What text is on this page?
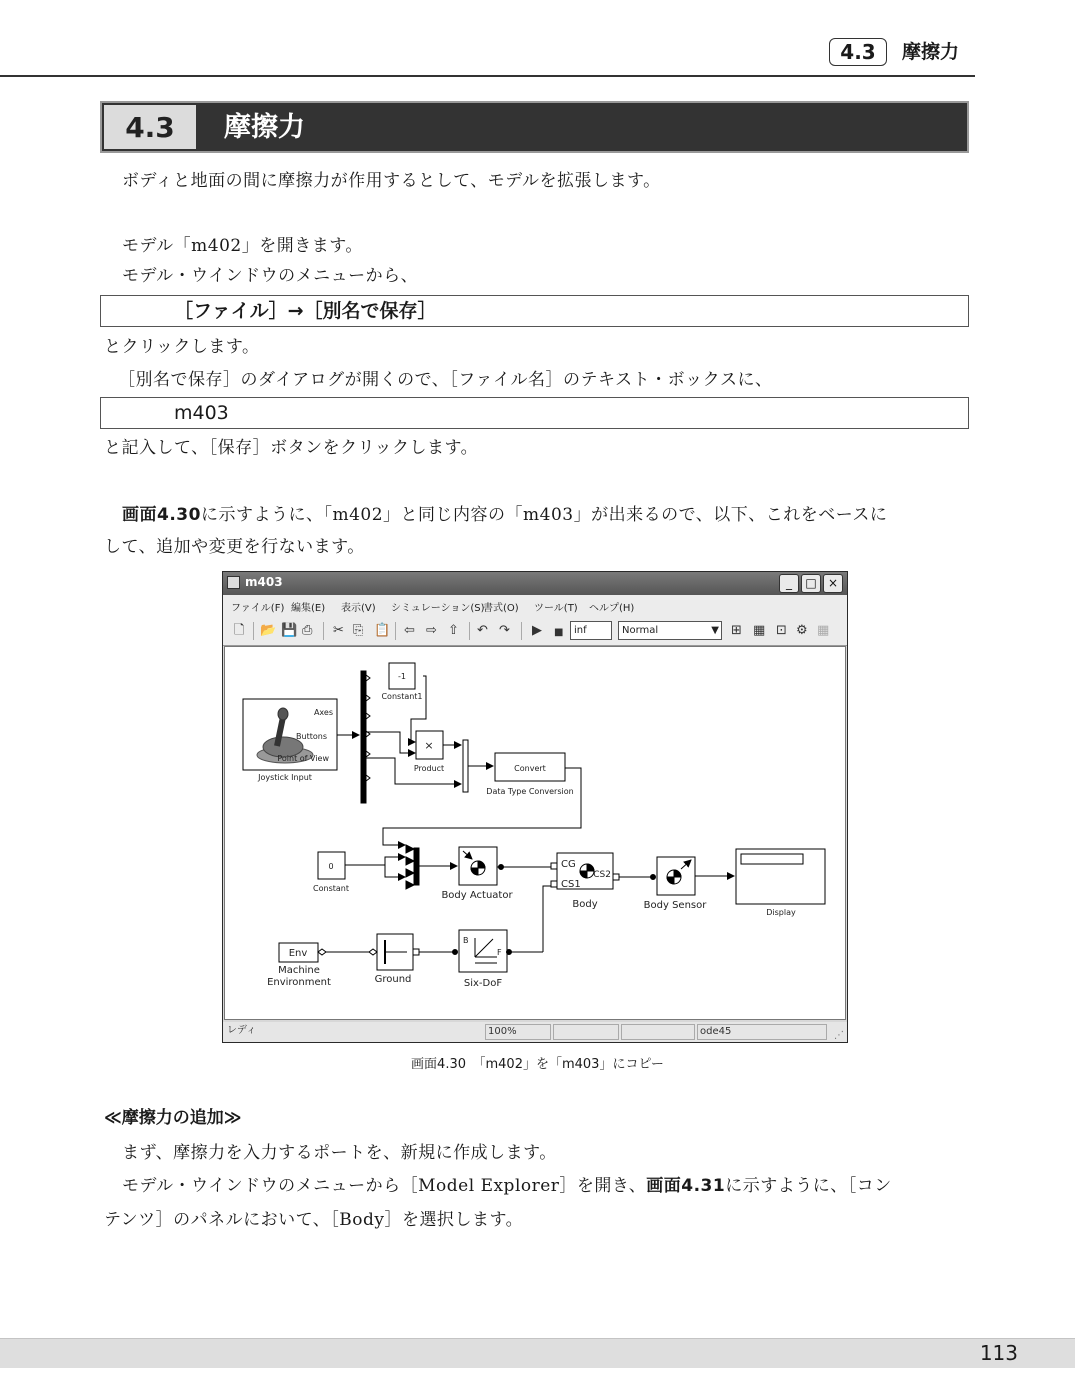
4.3	摩擦力
4.3	摩擦力
ボディと地面の間に摩擦力が作用するとして、モデルを拡張します。
モデル「m402」を開きます。
モデル・ウインドウのメニューから、
［ファイル］→［別名で保存］
とクリックします。
［別名で保存］のダイアログが開くので、［ファイル名］のテキスト・ボックスに、
m403
と記入して、［保存］ボタンをクリックします。
画面4.30に示すように、「m402」と同じ内容の「m403」が出来るので、以下、これをベースに
して、追加や変更を行ないます。
m403	_	□ ×
ファイル(F) 編集(E) 表示(V) シミュレーション(S)
書式(O) ツール(T) ヘルプ(H)
🗋 📂 💾 ⎙ ✂ ⎘ 📋 ⇦ ⇨ ⇧ ↶ ↷ ▶ ■	inf	Normal	▼ ⊞ ▦ ⊡ ⚙ ▦
Axes
Buttons
Point of View
Joystick Input
-1
Constant1
×
Product	Convert
Data Type Conversion
0
Constant
Body Actuator
CG
CS1
CS2
Body	Body Sensor
Display
Env
Machine
Environment	Ground
B
F
Six-DoF
レディ	100%	ode45	⋰
画面4.30　「m402」を「m403」にコピー
≪摩擦力の追加≫
まず、摩擦力を入力するポートを、新規に作成します。
モデル・ウインドウのメニューから［Model Explorer］を開き、画面4.31に示すように、［コン
テンツ］のパネルにおいて、［Body］を選択します。
113
